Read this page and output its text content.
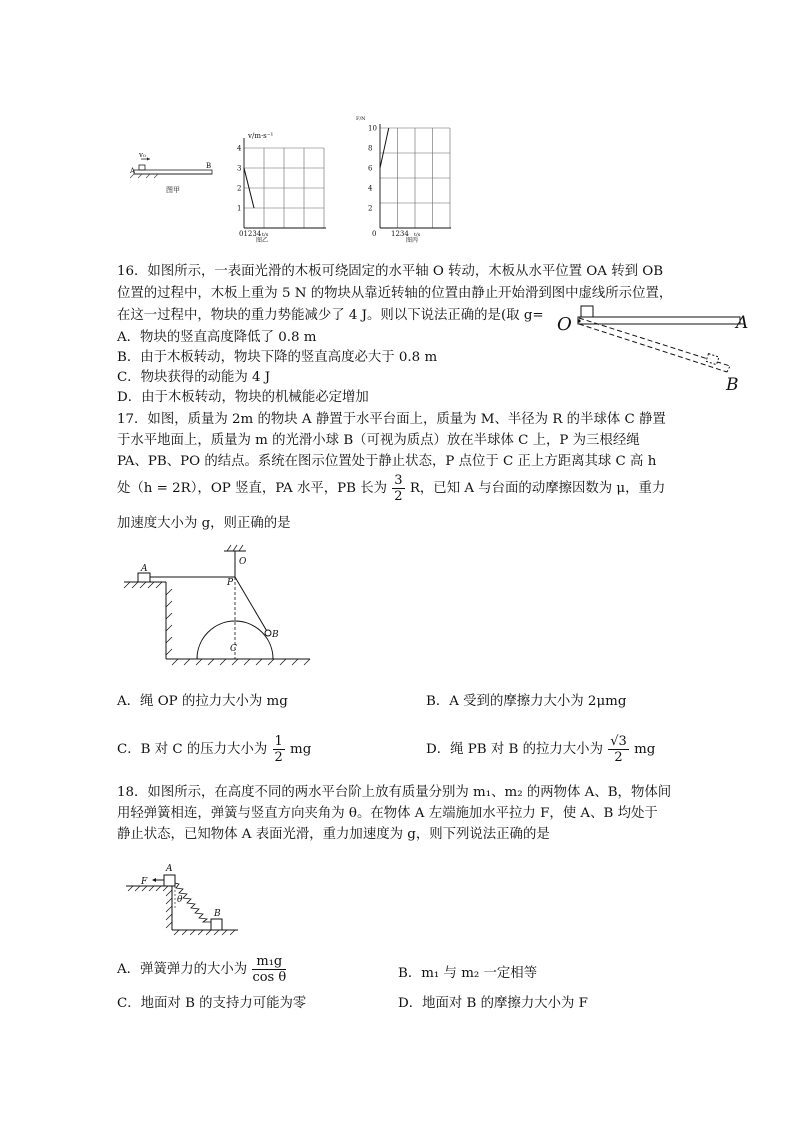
v₀
A
B
图甲
4
3
2
1
v/m·s⁻¹
01234 t/s
图乙
10
8
6
4
2
F/N
0 1234 t/s
图丙
16．如图所示，一表面光滑的木板可绕固定的水平轴 O 转动，木板从水平位置 OA 转到 OB
位置的过程中，木板上重为 5 N 的物块从靠近转轴的位置由静止开始滑到图中虚线所示位置，
在这一过程中，物块的重力势能减少了 4 J。则以下说法正确的是(取 g=
A．物块的竖直高度降低了 0.8 m
B．由于木板转动，物块下降的竖直高度必大于 0.8 m
C．物块获得的动能为 4 J
D．由于木板转动，物块的机械能必定增加
O	A
B
17．如图，质量为 2m 的物块 A 静置于水平台面上，质量为 M、半径为 R 的半球体 C 静置
于水平地面上，质量为 m 的光滑小球 B（可视为质点）放在半球体 C 上，P 为三根经绳
PA、PB、PO 的结点。系统在图示位置处于静止状态，P 点位于 C 正上方距离其球 C 高 h
处（h = 2R），OP 竖直，PA 水平，PB 长为 $\frac{3}{2}$ R，已知 A 与台面的动摩擦因数为 μ，重力
加速度大小为 g，则正确的是
A
O
P
B
C
A．绳 OP 的拉力大小为 mg	B．A 受到的摩擦力大小为 2μmg
C．B 对 C 的压力大小为 $\frac{1}{2}$ mg	D．绳 PB 对 B 的拉力大小为 $\frac{√3}{2}$ mg
18．如图所示，在高度不同的两水平台阶上放有质量分别为 m₁、m₂ 的两物体 A、B，物体间
用轻弹簧相连，弹簧与竖直方向夹角为 θ。在物体 A 左端施加水平拉力 F，使 A、B 均处于
静止状态，已知物体 A 表面光滑，重力加速度为 g，则下列说法正确的是
F
A
θ
B
A．弹簧弹力的大小为 $\frac{\text{m₁g}}{\text{cos θ}}$	B．m₁ 与 m₂ 一定相等
C．地面对 B 的支持力可能为零	D．地面对 B 的摩擦力大小为 F
